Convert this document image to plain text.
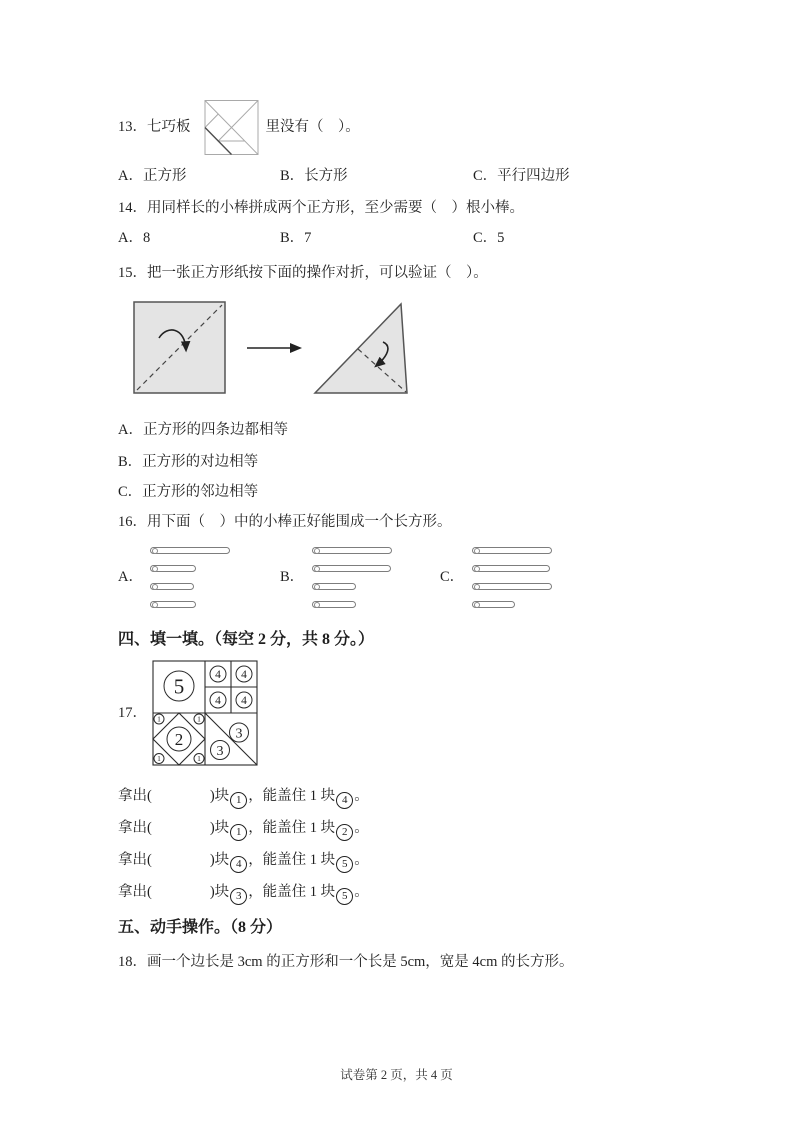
13．七巧板	里没有（　）。
A．正方形	B．长方形	C．平行四边形
14．用同样长的小棒拼成两个正方形，至少需要（　）根小棒。
A．8	B．7	C．5
15．把一张正方形纸按下面的操作对折，可以验证（　）。
A．正方形的四条边都相等
B．正方形的对边相等
C．正方形的邻边相等
16．用下面（　）中的小棒正好能围成一个长方形。
A．	B．	C．
四、填一填。（每空 2 分，共 8 分。）
17．
5	4 4
4 4
2
1	1
1	1
3
3
拿出(	)块 1 ，能盖住 1 块 4 。
拿出(	)块 1 ，能盖住 1 块 2 。
拿出(	)块 4 ，能盖住 1 块 5 。
拿出(	)块 3 ，能盖住 1 块 5 。
五、动手操作。（8 分）
18．画一个边长是 3cm 的正方形和一个长是 5cm，宽是 4cm 的长方形。
试卷第 2 页，共 4 页
